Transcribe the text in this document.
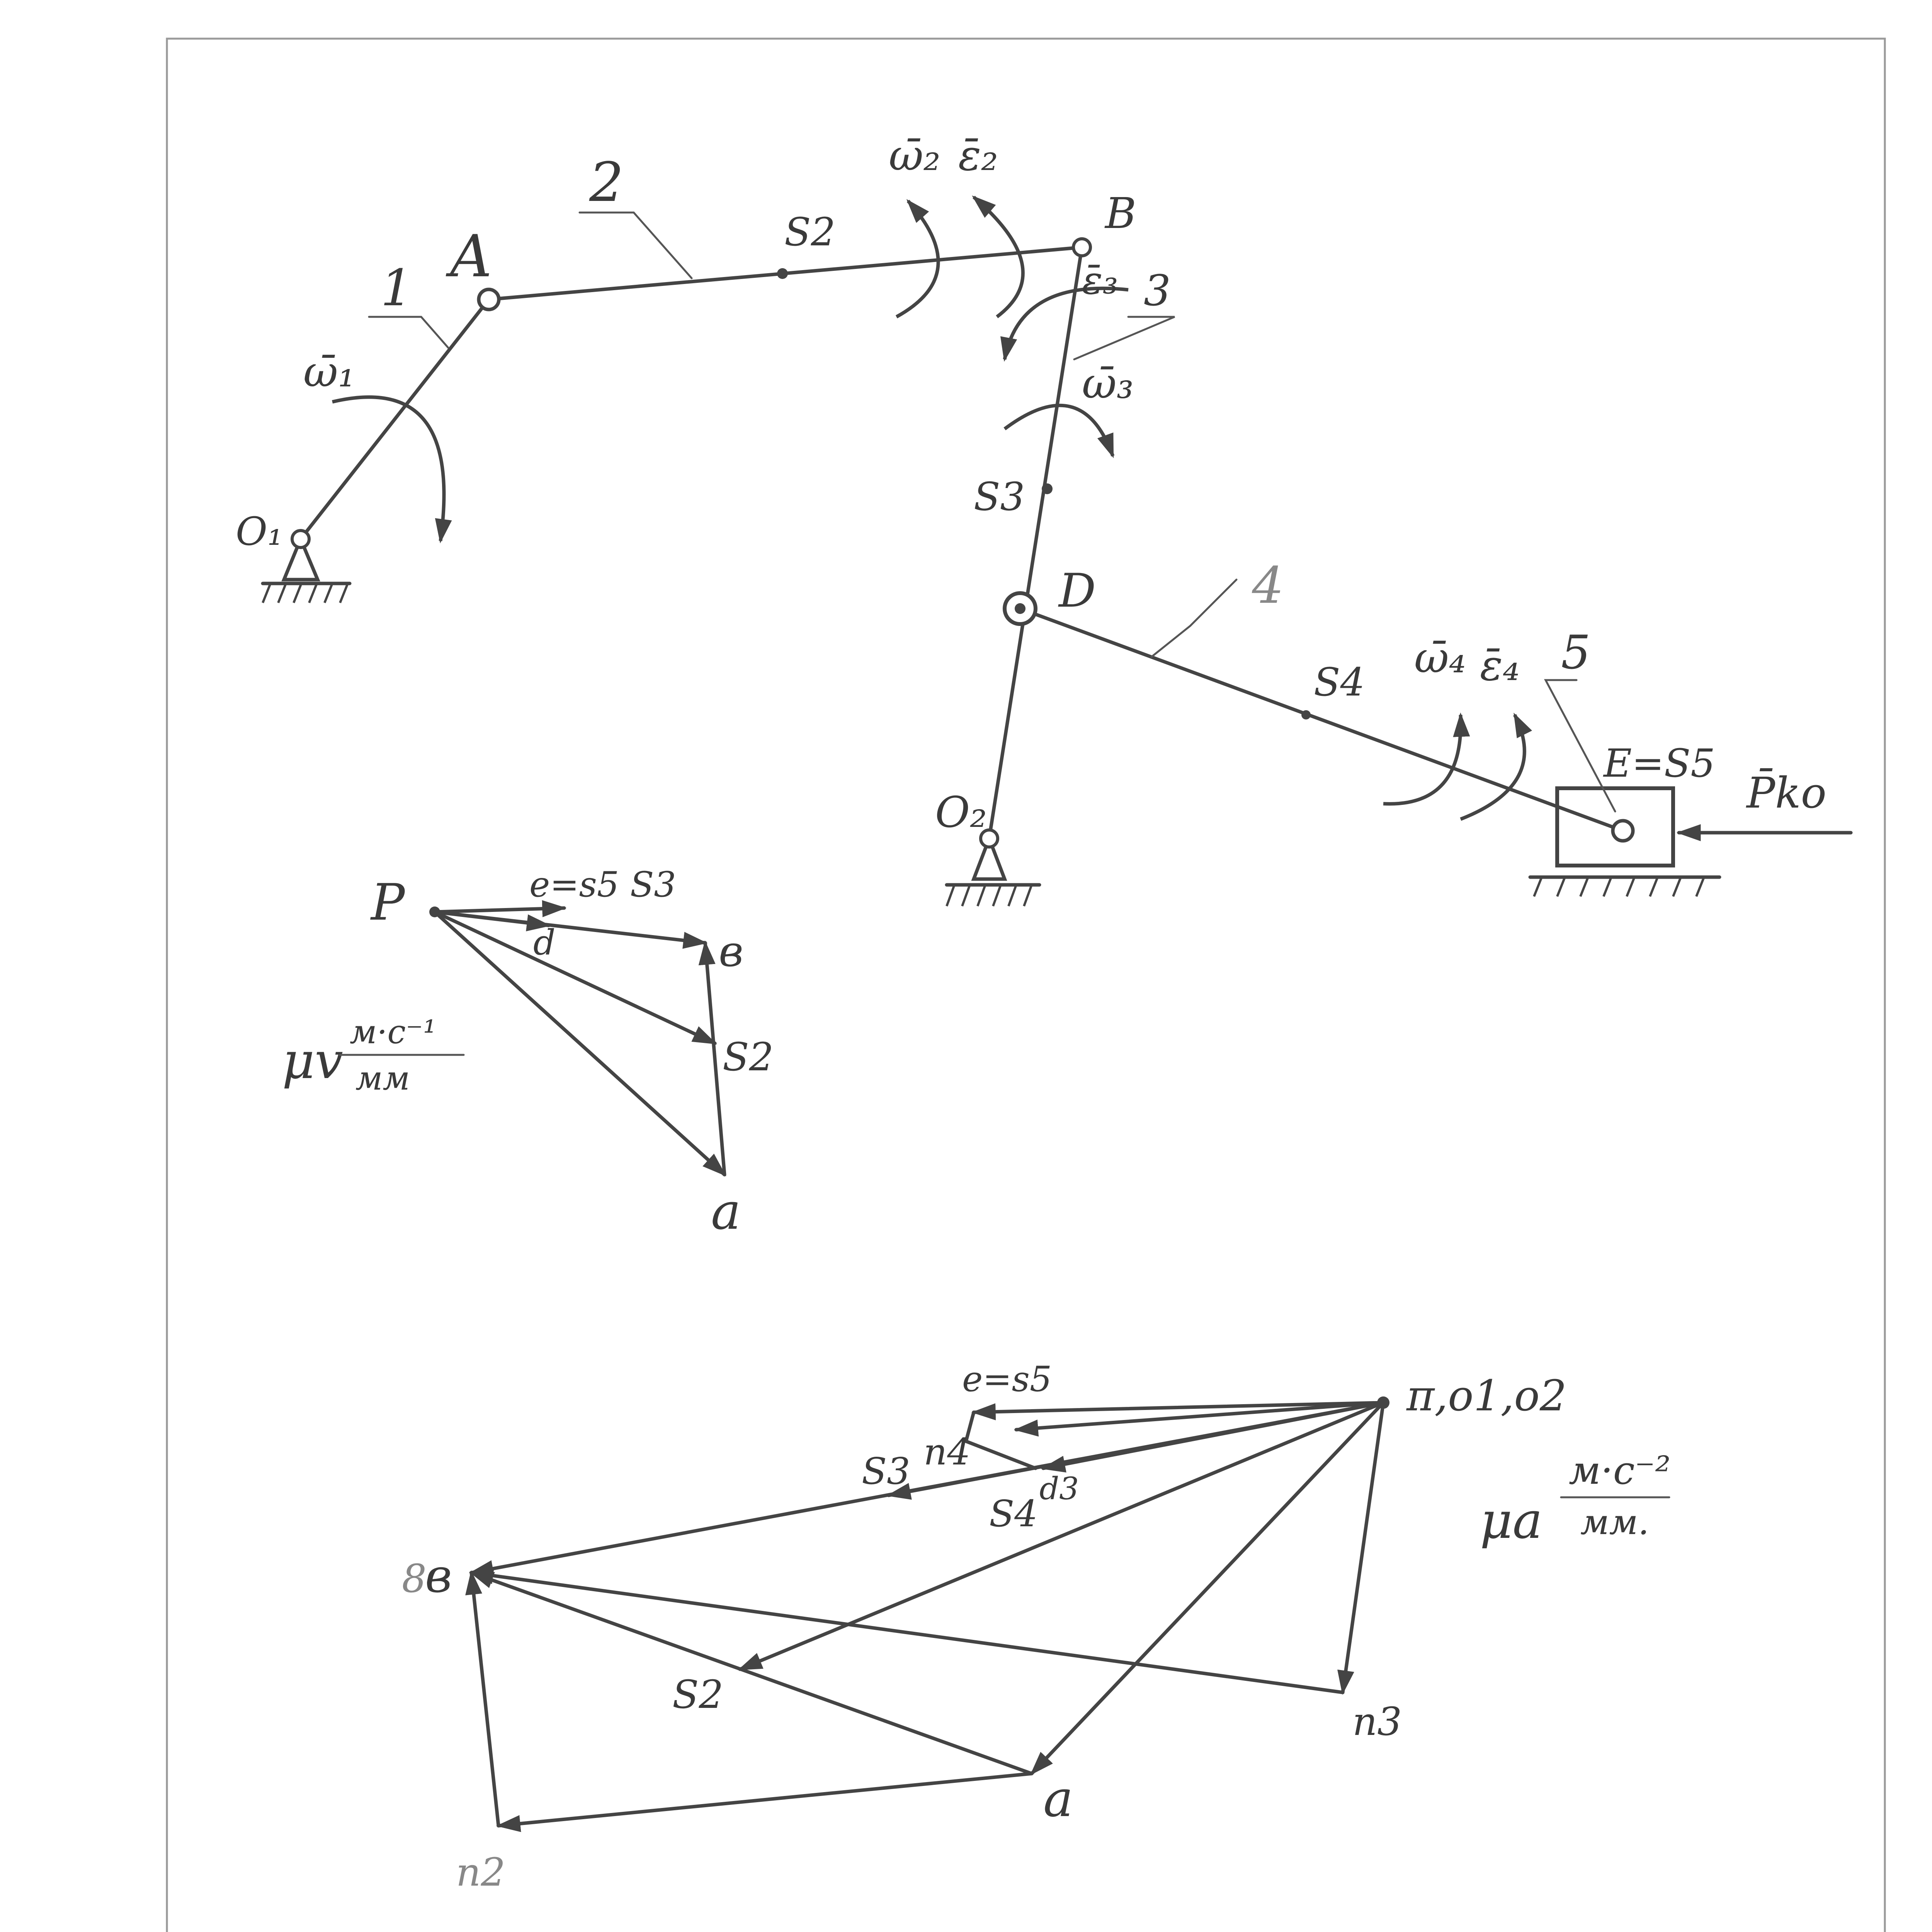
O₁
A
B
D
O₂
E=S5
1
2
3
4
5
S2
S3
S4
ω̄₁
ω̄₂ ε̄₂
ε̄₃
ω̄₃
ω̄₄ ε̄₄
P̄kо
P
в
a
S2
d
e=s5 S3
μv м·c⁻¹
мм
π,o1,o2
e=s5
n4
d3
S4
S3
8
в
S2
n3
a
n2
μa
м·c⁻²
мм.
